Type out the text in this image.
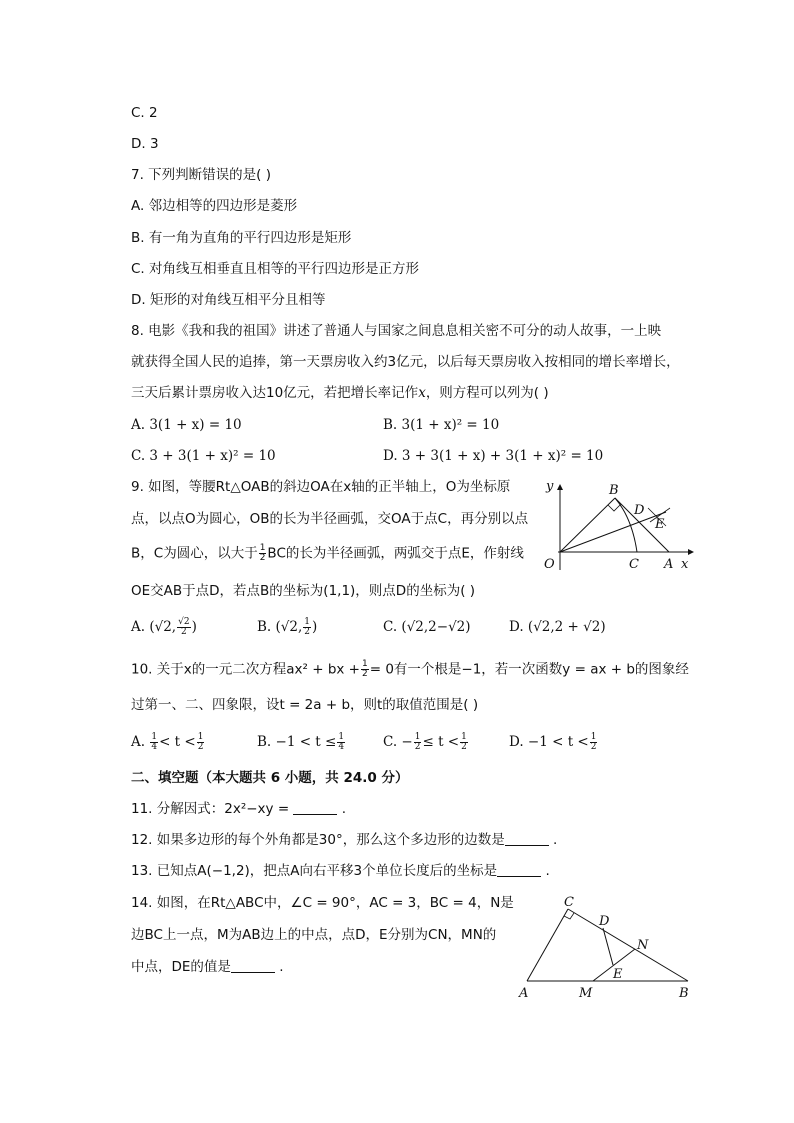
C. 2
D. 3
7. 下列判断错误的是( )
A. 邻边相等的四边形是菱形
B. 有一角为直角的平行四边形是矩形
C. 对角线互相垂直且相等的平行四边形是正方形
D. 矩形的对角线互相平分且相等
8. 电影《我和我的祖国》讲述了普通人与国家之间息息相关密不可分的动人故事，一上映
就获得全国人民的追捧，第一天票房收入约3亿元，以后每天票房收入按相同的增长率增长，
三天后累计票房收入达10亿元，若把增长率记作x，则方程可以列为( )
A. 3(1 + x) = 10	B. 3(1 + x)² = 10
C. 3 + 3(1 + x)² = 10	D. 3 + 3(1 + x) + 3(1 + x)² = 10
9. 如图，等腰Rt△OAB的斜边OA在x轴的正半轴上，O为坐标原
点，以点O为圆心，OB的长为半径画弧，交OA于点C，再分别以点
B，C为圆心，以大于 $\frac{1}{2}$ BC的长为半径画弧，两弧交于点E，作射线
OE交AB于点D，若点B的坐标为(1,1)，则点D的坐标为( )
A. (√2, $\frac{√2}{2}$ )	B. (√2, $\frac{1}{2}$ )	C. (√2,2−√2)	D. (√2,2 + √2)
y
x
O
B
D
E
C A
10. 关于x的一元二次方程ax² + bx + $\frac{1}{2} = 0$有一个根是−1，若一次函数y = ax + b的图象经
过第一、二、四象限，设t = 2a + b，则t的取值范围是( )
A. $\frac{1}{4} < t < \frac{1}{2}$	B. $-1 < t \le \frac{1}{4}$	C. − $\frac{1}{2} \le t < \frac{1}{2}$	D. $-1 < t < \frac{1}{2}$
二、填空题（本大题共 6 小题，共 24.0 分）
11. 分解因式：2x²−xy =	.
12. 如果多边形的每个外角都是30°，那么这个多边形的边数是	.
13. 已知点A(−1,2)，把点A向右平移3个单位长度后的坐标是	.
14. 如图，在Rt△ABC中，∠C = 90°，AC = 3，BC = 4，N是
边BC上一点，M为AB边上的中点，点D，E分别为CN，MN的
中点，DE的值是	.
C
D
N
E
A	M	B
